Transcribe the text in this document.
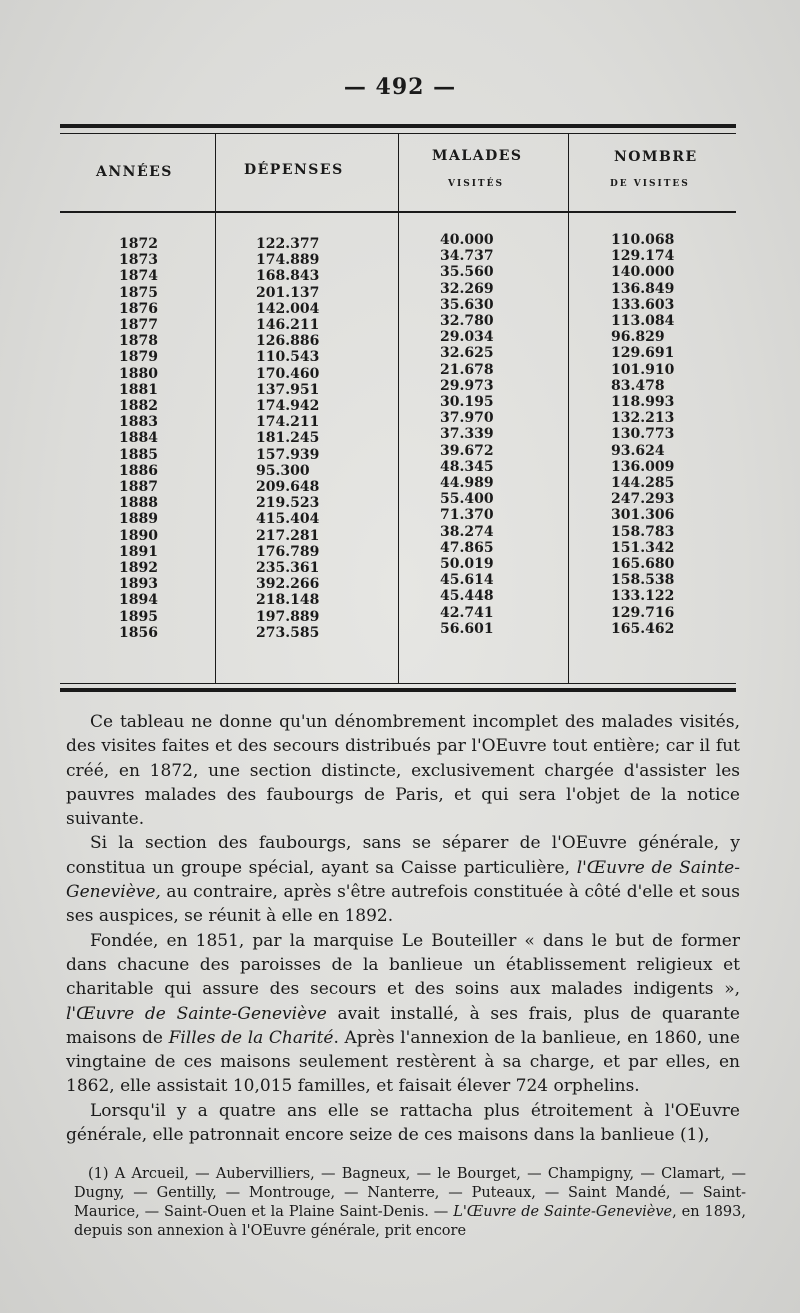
— 492 —
ANNÉES	DÉPENSES
MALADES
VISITÉS
NOMBRE
DE VISITES
1872
1873
1874
1875
1876
1877
1878
1879
1880
1881
1882
1883
1884
1885
1886
1887
1888
1889
1890
1891
1892
1893
1894
1895
1856
122.377
174.889
168.843
201.137
142.004
146.211
126.886
110.543
170.460
137.951
174.942
174.211
181.245
157.939
95.300
209.648
219.523
415.404
217.281
176.789
235.361
392.266
218.148
197.889
273.585
40.000
34.737
35.560
32.269
35.630
32.780
29.034
32.625
21.678
29.973
30.195
37.970
37.339
39.672
48.345
44.989
55.400
71.370
38.274
47.865
50.019
45.614
45.448
42.741
56.601
110.068
129.174
140.000
136.849
133.603
113.084
96.829
129.691
101.910
83.478
118.993
132.213
130.773
93.624
136.009
144.285
247.293
301.306
158.783
151.342
165.680
158.538
133.122
129.716
165.462

Ce tableau ne donne qu'un dénombrement incomplet des malades visités, des visites faites et des secours distribués par l'OEuvre tout entière; car il fut créé, en 1872, une section distincte, exclusivement chargée d'assister les pauvres malades des faubourgs de Paris, et qui sera l'objet de la notice suivante.

Si la section des faubourgs, sans se séparer de l'OEuvre générale, y constitua un groupe spécial, ayant sa Caisse particulière, l'Œuvre de Sainte-Geneviève, au contraire, après s'être autrefois constituée à côté d'elle et sous ses auspices, se réunit à elle en 1892.

Fondée, en 1851, par la marquise Le Bouteiller « dans le but de former dans chacune des paroisses de la banlieue un établissement religieux et charitable qui assure des secours et des soins aux malades indigents », l'Œuvre de Sainte-Geneviève avait installé, à ses frais, plus de quarante maisons de Filles de la Charité. Après l'annexion de la banlieue, en 1860, une vingtaine de ces maisons seulement restèrent à sa charge, et par elles, en 1862, elle assistait 10,015 familles, et faisait élever 724 orphelins.

Lorsqu'il y a quatre ans elle se rattacha plus étroitement à l'OEuvre générale, elle patronnait encore seize de ces maisons dans la banlieue (1),

(1) A Arcueil, — Aubervilliers, — Bagneux, — le Bourget, — Champigny, — Clamart, — Dugny, — Gentilly, — Montrouge, — Nanterre, — Puteaux, — Saint Mandé, — Saint-Maurice, — Saint-Ouen et la Plaine Saint-Denis. — L'Œuvre de Sainte-Geneviève, en 1893, depuis son annexion à l'OEuvre générale, prit encore
